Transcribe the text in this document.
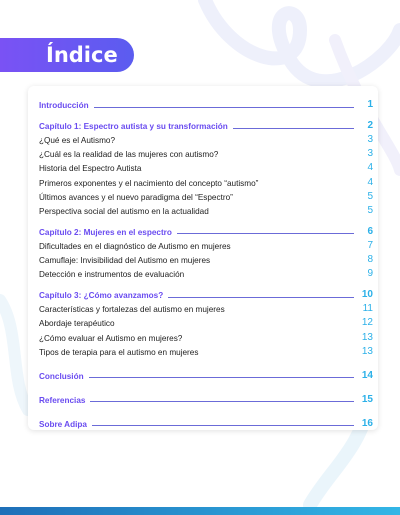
Índice
Introducción	1
Capítulo 1: Espectro autista y su transformación	2
¿Qué es el Autismo?	3
¿Cuál es la realidad de las mujeres con autismo?	3
Historia del Espectro Autista	4
Primeros exponentes y el nacimiento del concepto “autismo”	4
Últimos avances y el nuevo paradigma del “Espectro”	5
Perspectiva social del autismo en la actualidad	5
Capítulo 2: Mujeres en el espectro	6
Dificultades en el diagnóstico de Autismo en mujeres	7
Camuflaje: Invisibilidad del Autismo en mujeres	8
Detección e instrumentos de evaluación	9
Capítulo 3: ¿Cómo avanzamos?	10
Características y fortalezas del autismo en mujeres	11
Abordaje terapéutico	12
¿Cómo evaluar el Autismo en mujeres?	13
Tipos de terapia para el autismo en mujeres	13
Conclusión	14
Referencias	15
Sobre Adipa	16
